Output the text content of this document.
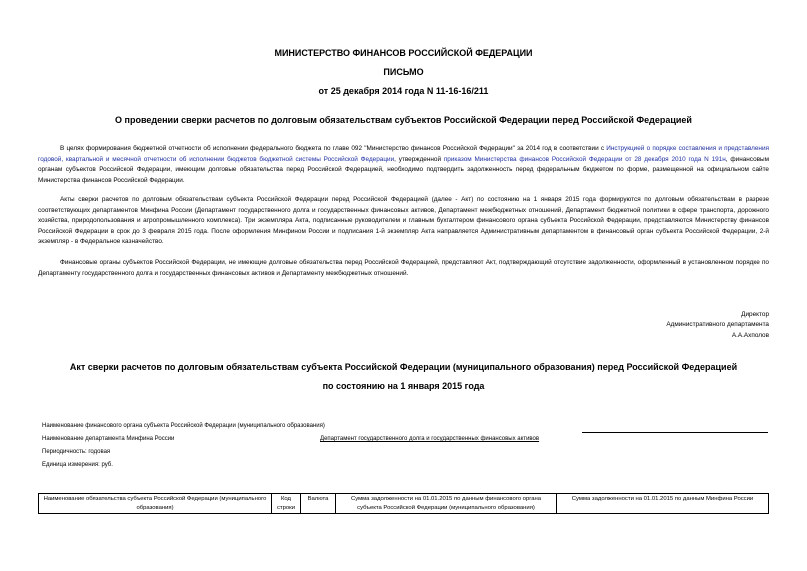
МИНИСТЕРСТВО ФИНАНСОВ РОССИЙСКОЙ ФЕДЕРАЦИИ
ПИСЬМО
от 25 декабря 2014 года N 11-16-16/211
О проведении сверки расчетов по долговым обязательствам субъектов Российской Федерации перед Российской Федерацией
В целях формирования бюджетной отчетности об исполнении федерального бюджета по главе 092 "Министерство финансов Российской Федерации" за 2014 год в соответствии с Инструкцией о порядке составления и представления годовой, квартальной и месячной отчетности об исполнении бюджетов бюджетной системы Российской Федерации, утвержденной приказом Министерства финансов Российской Федерации от 28 декабря 2010 года N 191н, финансовым органам субъектов Российской Федерации, имеющим долговые обязательства перед Российской Федерацией, необходимо подтвердить задолженность перед федеральным бюджетом по форме, размещенной на официальном сайте Министерства финансов Российской Федерации.
Акты сверки расчетов по долговым обязательствам субъекта Российской Федерации перед Российской Федерацией (далее - Акт) по состоянию на 1 января 2015 года формируются по долговым обязательствам в разрезе соответствующих департаментов Минфина России (Департамент государственного долга и государственных финансовых активов, Департамент межбюджетных отношений, Департамент бюджетной политики в сфере транспорта, дорожного хозяйства, природопользования и агропромышленного комплекса). Три экземпляра Акта, подписанные руководителем и главным бухгалтером финансового органа субъекта Российской Федерации, представляются Министерству финансов Российской Федерации в срок до 3 февраля 2015 года. После оформления Минфином России и подписания 1-й экземпляр Акта направляется Административным департаментом в финансовый орган субъекта Российской Федерации, 2-й экземпляр - в Федеральное казначейство.
Финансовые органы субъектов Российской Федерации, не имеющие долговые обязательства перед Российской Федерацией, представляют Акт, подтверждающий отсутствие задолженности, оформленный в установленном порядке по Департаменту государственного долга и государственных финансовых активов и Департаменту межбюджетных отношений.
Директор
Административного департамента
А.А.Ахполов
Акт сверки расчетов по долговым обязательствам субъекта Российской Федерации (муниципального образования) перед Российской Федерацией
по состоянию на 1 января 2015 года
Наименование финансового органа субъекта Российской Федерации (муниципального образования)
Наименование департамента Минфина России	Департамент государственного долга и государственных финансовых активов
Периодичность: годовая
Единица измерения: руб.
Наименование обязательства субъекта Российской Федерации (муниципального образования)	Код строки	Валюта	Сумма задолженности на 01.01.2015 по данным финансового органа субъекта Российской Федерации (муниципального образования)	Сумма задолженности на 01.01.2015 по данным Минфина России
